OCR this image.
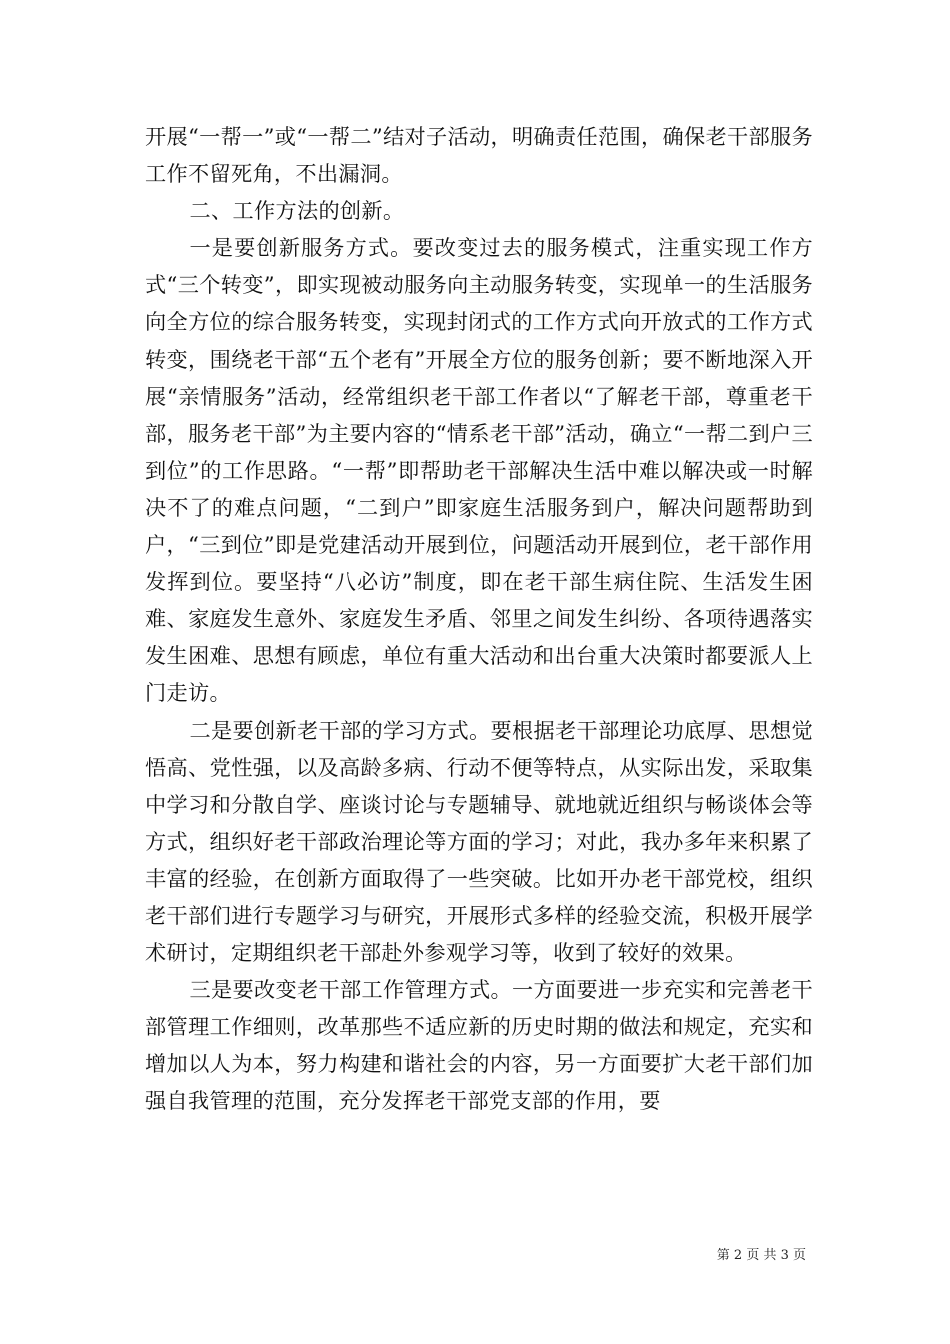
开展“一帮一”或“一帮二”结对子活动，明确责任范围，确保老干部服务工作不留死角，不出漏洞。

二、工作方法的创新。

一是要创新服务方式。要改变过去的服务模式，注重实现工作方式“三个转变”，即实现被动服务向主动服务转变，实现单一的生活服务向全方位的综合服务转变，实现封闭式的工作方式向开放式的工作方式转变，围绕老干部“五个老有”开展全方位的服务创新；要不断地深入开展“亲情服务”活动，经常组织老干部工作者以“了解老干部，尊重老干部，服务老干部”为主要内容的“情系老干部”活动，确立“一帮二到户三到位”的工作思路。“一帮”即帮助老干部解决生活中难以解决或一时解决不了的难点问题，“二到户”即家庭生活服务到户，解决问题帮助到户，“三到位”即是党建活动开展到位，问题活动开展到位，老干部作用发挥到位。要坚持“八必访”制度，即在老干部生病住院、生活发生困难、家庭发生意外、家庭发生矛盾、邻里之间发生纠纷、各项待遇落实发生困难、思想有顾虑，单位有重大活动和出台重大决策时都要派人上门走访。

二是要创新老干部的学习方式。要根据老干部理论功底厚、思想觉悟高、党性强，以及高龄多病、行动不便等特点，从实际出发，采取集中学习和分散自学、座谈讨论与专题辅导、就地就近组织与畅谈体会等方式，组织好老干部政治理论等方面的学习；对此，我办多年来积累了丰富的经验，在创新方面取得了一些突破。比如开办老干部党校，组织老干部们进行专题学习与研究，开展形式多样的经验交流，积极开展学术研讨，定期组织老干部赴外参观学习等，收到了较好的效果。

三是要改变老干部工作管理方式。一方面要进一步充实和完善老干部管理工作细则，改革那些不适应新的历史时期的做法和规定，充实和增加以人为本，努力构建和谐社会的内容，另一方面要扩大老干部们加强自我管理的范围，充分发挥老干部党支部的作用，要

第 2 页 共 3 页
